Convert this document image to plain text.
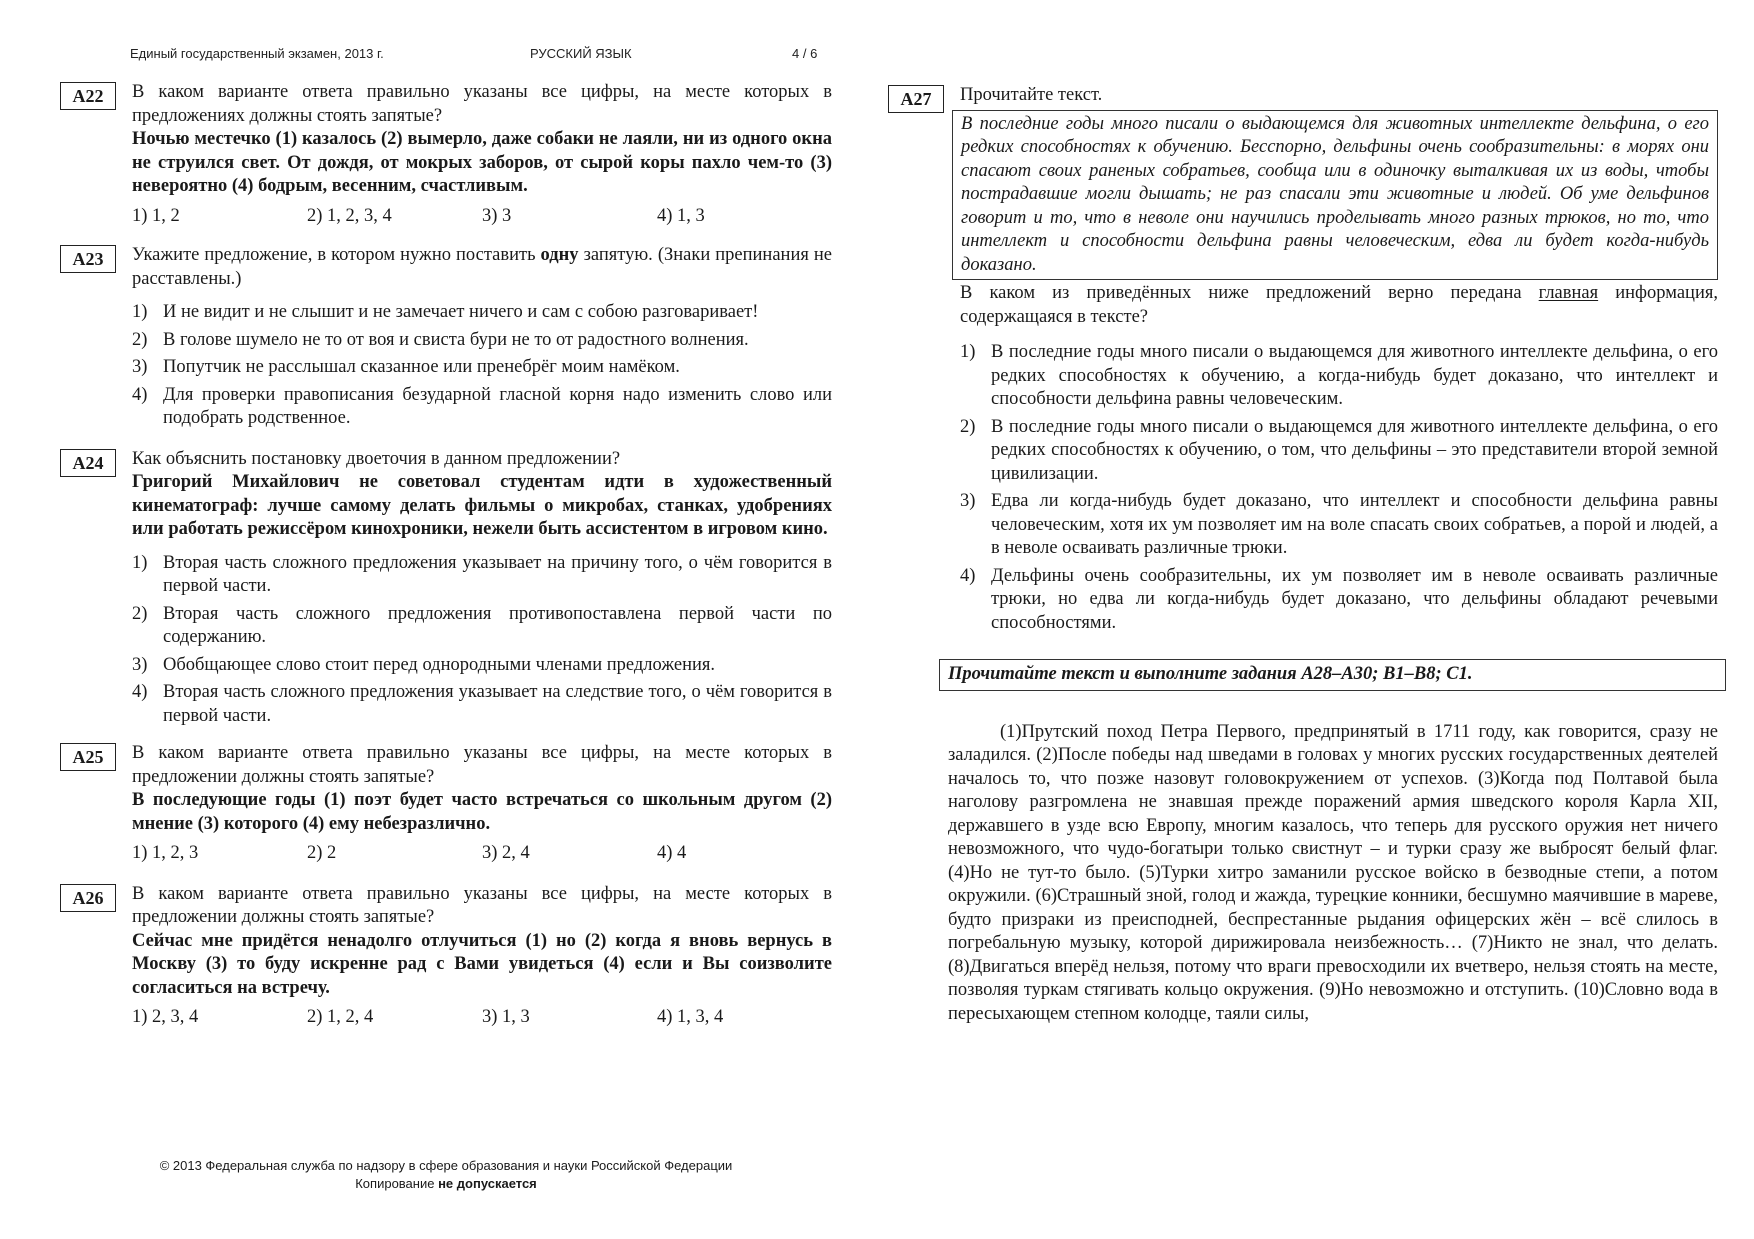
Единый государственный экзамен, 2013 г.	РУССКИЙ ЯЗЫК	4 / 6
A22	В каком варианте ответа правильно указаны все цифры, на месте которых в предложениях должны стоять запятые?
Ночью местечко (1) казалось (2) вымерло, даже собаки не лаяли, ни из одного окна не струился свет. От дождя, от мокрых заборов, от сырой коры пахло чем-то (3) невероятно (4) бодрым, весенним, счастливым.
1) 1, 2	2) 1, 2, 3, 4	3) 3	4) 1, 3
A23	Укажите предложение, в котором нужно поставить одну запятую. (Знаки препинания не расставлены.)
1) И не видит и не слышит и не замечает ничего и сам с собою разговаривает!
2) В голове шумело не то от воя и свиста бури не то от радостного волнения.
3) Попутчик не расслышал сказанное или пренебрёг моим намёком.
4) Для проверки правописания безударной гласной корня надо изменить слово или подобрать родственное.
A24	Как объяснить постановку двоеточия в данном предложении?
Григорий Михайлович не советовал студентам идти в художественный кинематограф: лучше самому делать фильмы о микробах, станках, удобрениях или работать режиссёром кинохроники, нежели быть ассистентом в игровом кино.
1) Вторая часть сложного предложения указывает на причину того, о чём говорится в первой части.
2) Вторая часть сложного предложения противопоставлена первой части по содержанию.
3) Обобщающее слово стоит перед однородными членами предложения.
4) Вторая часть сложного предложения указывает на следствие того, о чём говорится в первой части.
A25	В каком варианте ответа правильно указаны все цифры, на месте которых в предложении должны стоять запятые?
В последующие годы (1) поэт будет часто встречаться со школьным другом (2) мнение (3) которого (4) ему небезразлично.
1) 1, 2, 3	2) 2	3) 2, 4	4) 4
A26	В каком варианте ответа правильно указаны все цифры, на месте которых в предложении должны стоять запятые?
Сейчас мне придётся ненадолго отлучиться (1) но (2) когда я вновь вернусь в Москву (3) то буду искренне рад с Вами увидеться (4) если и Вы соизволите согласиться на встречу.
1) 2, 3, 4	2) 1, 2, 4	3) 1, 3	4) 1, 3, 4
© 2013 Федеральная служба по надзору в сфере образования и науки Российской Федерации
Копирование не допускается
A27	Прочитайте текст.
В последние годы много писали о выдающемся для животных интеллекте дельфина, о его редких способностях к обучению. Бесспорно, дельфины очень сообразительны: в морях они спасают своих раненых собратьев, сообща или в одиночку выталкивая их из воды, чтобы пострадавшие могли дышать; не раз спасали эти животные и людей. Об уме дельфинов говорит и то, что в неволе они научились проделывать много разных трюков, но то, что интеллект и способности дельфина равны человеческим, едва ли будет когда-нибудь доказано.
В каком из приведённых ниже предложений верно передана главная информация, содержащаяся в тексте?
1) В последние годы много писали о выдающемся для животного интеллекте дельфина, о его редких способностях к обучению, а когда-нибудь будет доказано, что интеллект и способности дельфина равны человеческим.
2) В последние годы много писали о выдающемся для животного интеллекте дельфина, о его редких способностях к обучению, о том, что дельфины – это представители второй земной цивилизации.
3) Едва ли когда-нибудь будет доказано, что интеллект и способности дельфина равны человеческим, хотя их ум позволяет им на воле спасать своих собратьев, а порой и людей, а в неволе осваивать различные трюки.
4) Дельфины очень сообразительны, их ум позволяет им в неволе осваивать различные трюки, но едва ли когда-нибудь будет доказано, что дельфины обладают речевыми способностями.
Прочитайте текст и выполните задания A28–A30; B1–B8; C1.
(1)Прутский поход Петра Первого, предпринятый в 1711 году, как говорится, сразу не заладился. (2)После победы над шведами в головах у многих русских государственных деятелей началось то, что позже назовут головокружением от успехов. (3)Когда под Полтавой была наголову разгромлена не знавшая прежде поражений армия шведского короля Карла XII, державшего в узде всю Европу, многим казалось, что теперь для русского оружия нет ничего невозможного, что чудо-богатыри только свистнут – и турки сразу же выбросят белый флаг. (4)Но не тут-то было. (5)Турки хитро заманили русское войско в безводные степи, а потом окружили. (6)Страшный зной, голод и жажда, турецкие конники, бесшумно маячившие в мареве, будто призраки из преисподней, беспрестанные рыдания офицерских жён – всё слилось в погребальную музыку, которой дирижировала неизбежность… (7)Никто не знал, что делать. (8)Двигаться вперёд нельзя, потому что враги превосходили их вчетверо, нельзя стоять на месте, позволяя туркам стягивать кольцо окружения. (9)Но невозможно и отступить. (10)Словно вода в пересыхающем степном колодце, таяли силы,
